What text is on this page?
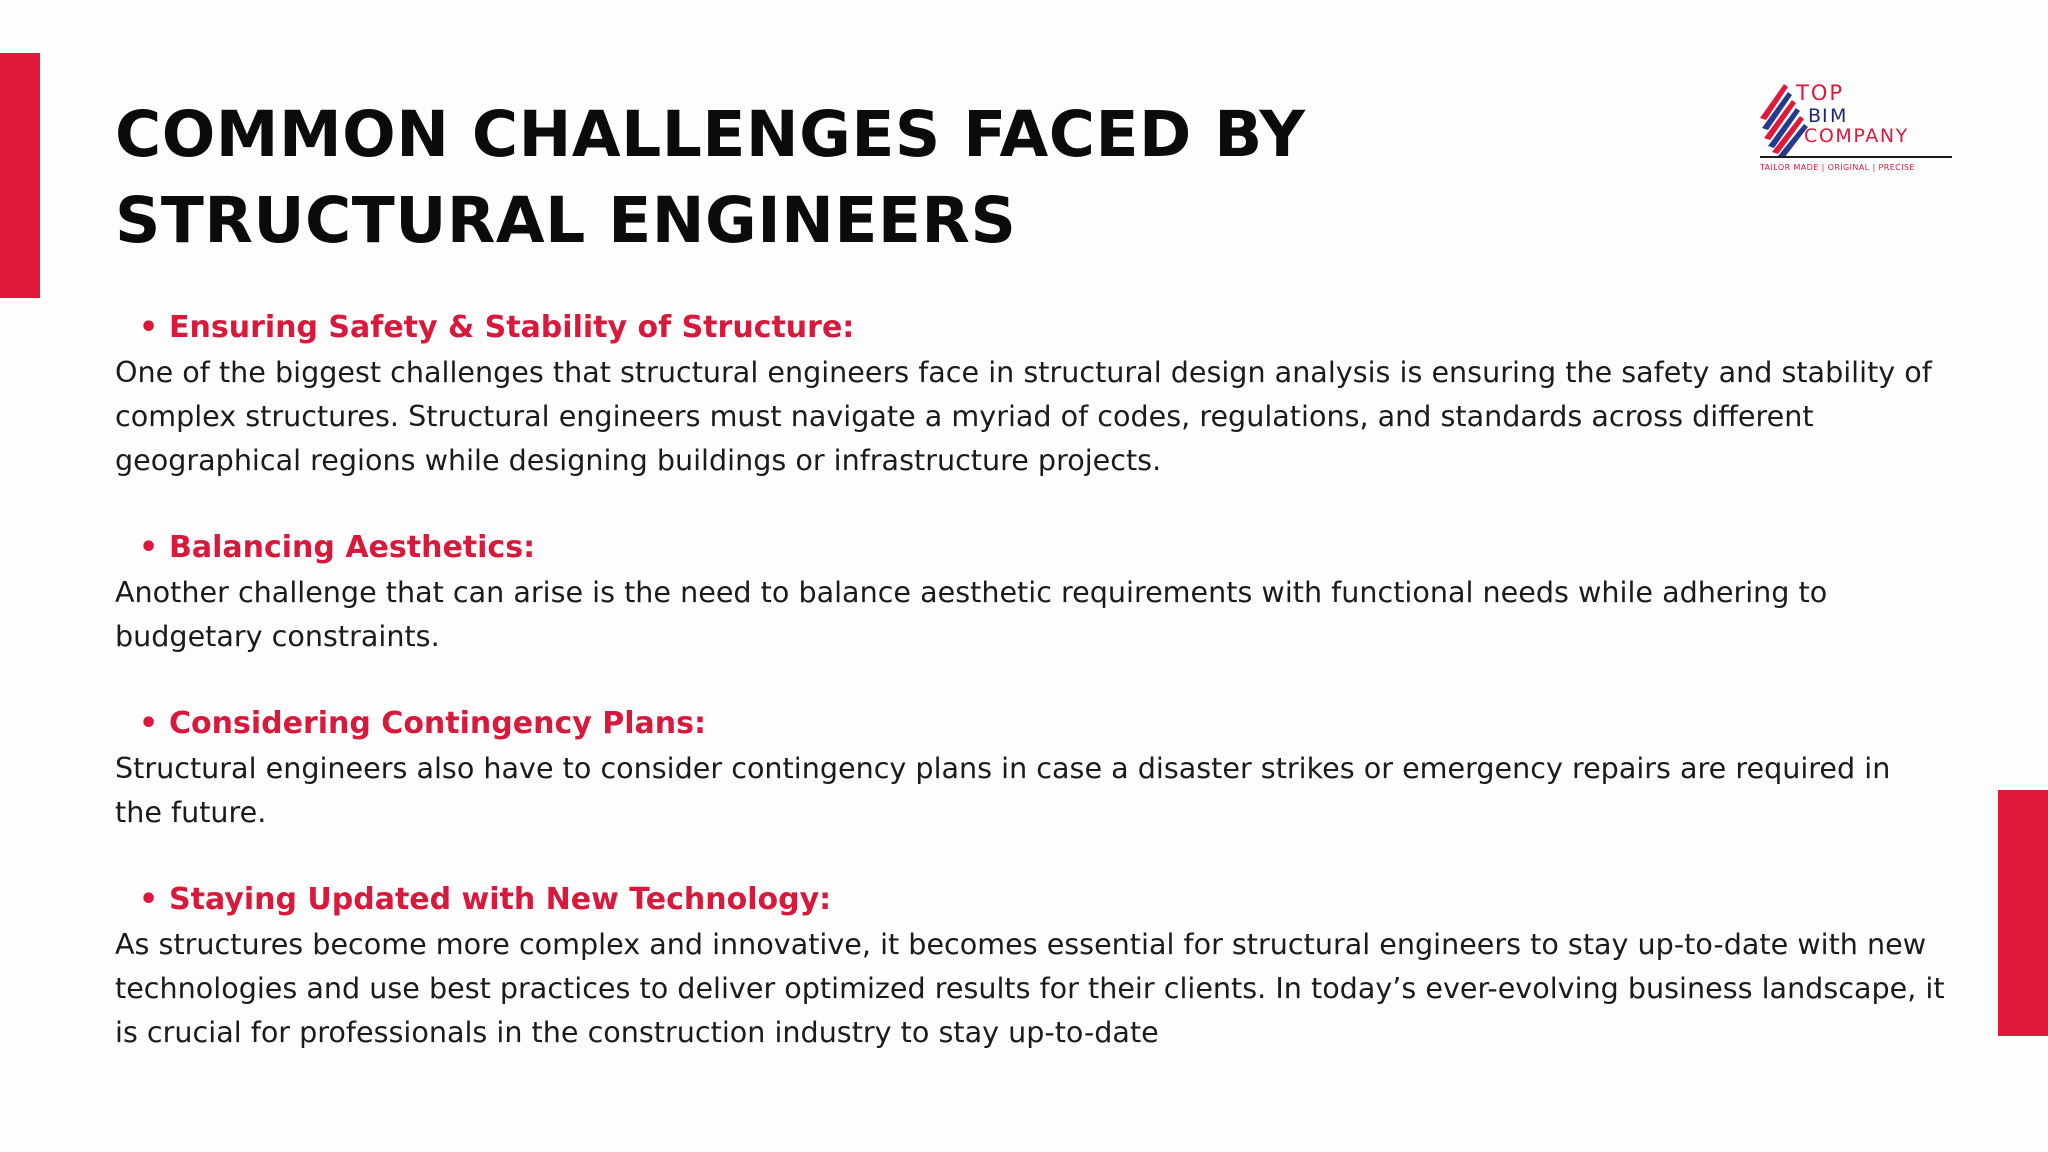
COMMON CHALLENGES FACED BY
STRUCTURAL ENGINEERS
TOP
B I M
COMPANY
TAILOR MADE | ORIGINAL | PRECISE

• Ensuring Safety & Stability of Structure:

One of the biggest challenges that structural engineers face in structural design analysis is ensuring the safety and stability of complex structures. Structural engineers must navigate a myriad of codes, regulations, and standards across different geographical regions while designing buildings or infrastructure projects.

• Balancing Aesthetics:

Another challenge that can arise is the need to balance aesthetic requirements with functional needs while adhering to budgetary constraints.

• Considering Contingency Plans:

Structural engineers also have to consider contingency plans in case a disaster strikes or emergency repairs are required in the future.

• Staying Updated with New Technology:

As structures become more complex and innovative, it becomes essential for structural engineers to stay up-to-date with new technologies and use best practices to deliver optimized results for their clients. In today’s ever-evolving business landscape, it is crucial for professionals in the construction industry to stay up-to-date
